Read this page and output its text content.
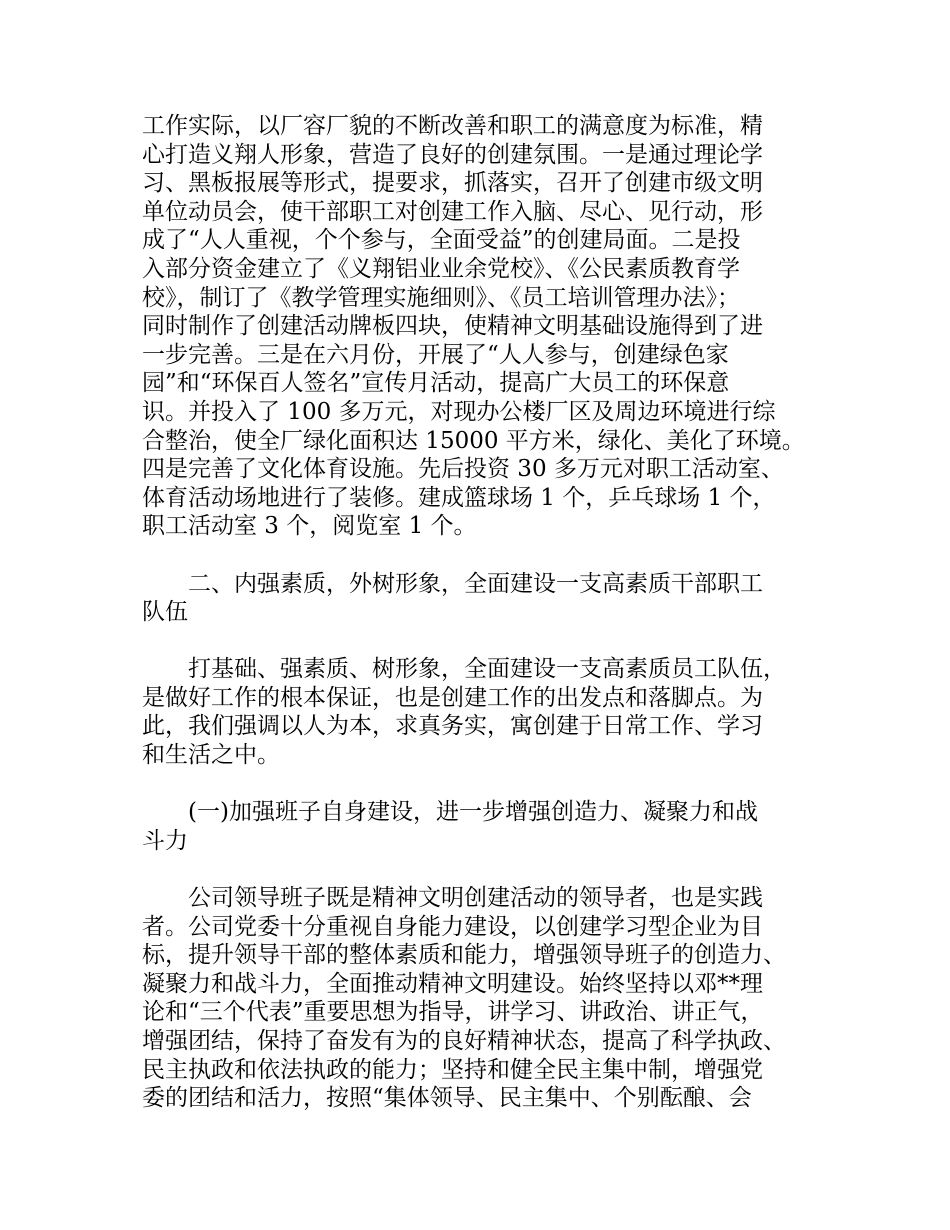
工作实际，以厂容厂貌的不断改善和职工的满意度为标准，精
心打造义翔人形象，营造了良好的创建氛围。一是通过理论学
习、黑板报展等形式，提要求，抓落实，召开了创建市级文明
单位动员会，使干部职工对创建工作入脑、尽心、见行动，形
成了“人人重视，个个参与，全面受益”的创建局面。二是投
入部分资金建立了《义翔铝业业余党校》、《公民素质教育学
校》，制订了《教学管理实施细则》、《员工培训管理办法》；
同时制作了创建活动牌板四块，使精神文明基础设施得到了进
一步完善。三是在六月份，开展了“人人参与，创建绿色家
园”和“环保百人签名”宣传月活动，提高广大员工的环保意
识。并投入了 100 多万元，对现办公楼厂区及周边环境进行综
合整治，使全厂绿化面积达 15000 平方米，绿化、美化了环境。
四是完善了文化体育设施。先后投资 30 多万元对职工活动室、
体育活动场地进行了装修。建成篮球场 1 个，乒乓球场 1 个，
职工活动室 3 个，阅览室 1 个。
　　二、内强素质，外树形象，全面建设一支高素质干部职工
队伍
　　打基础、强素质、树形象，全面建设一支高素质员工队伍，
是做好工作的根本保证，也是创建工作的出发点和落脚点。为
此，我们强调以人为本，求真务实，寓创建于日常工作、学习
和生活之中。
　　(一)加强班子自身建设，进一步增强创造力、凝聚力和战
斗力
　　公司领导班子既是精神文明创建活动的领导者，也是实践
者。公司党委十分重视自身能力建设，以创建学习型企业为目
标，提升领导干部的整体素质和能力，增强领导班子的创造力、
凝聚力和战斗力，全面推动精神文明建设。始终坚持以邓**理
论和“三个代表”重要思想为指导，讲学习、讲政治、讲正气，
增强团结，保持了奋发有为的良好精神状态，提高了科学执政、
民主执政和依法执政的能力；坚持和健全民主集中制，增强党
委的团结和活力，按照“集体领导、民主集中、个别酝酿、会
